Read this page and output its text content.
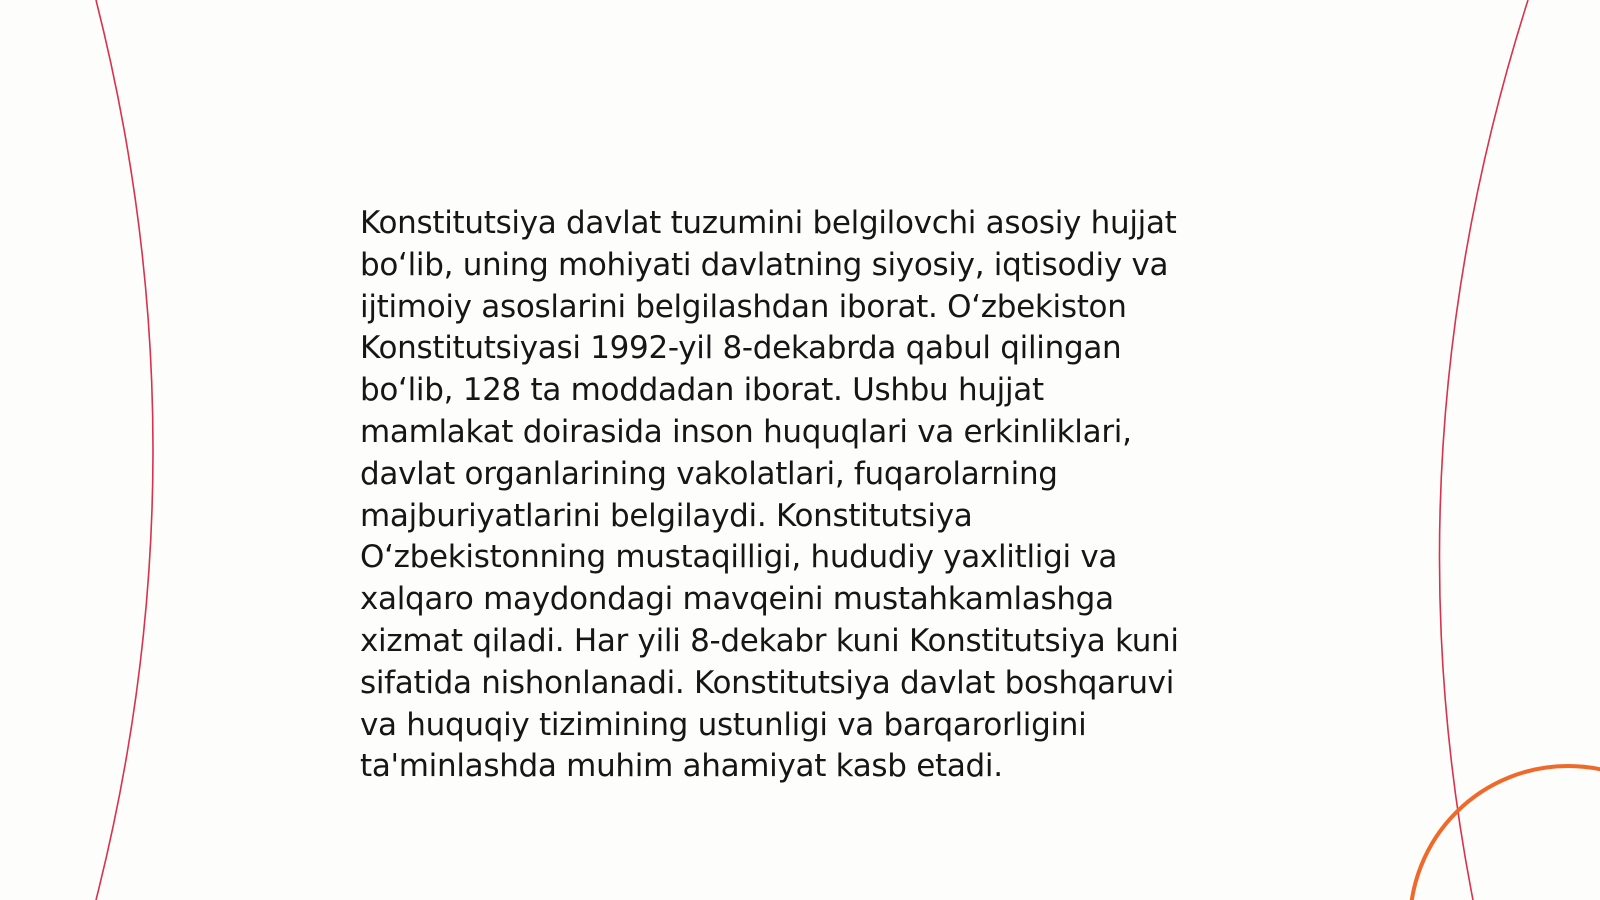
Konstitutsiya davlat tuzumini belgilovchi asosiy hujjat
bo‘lib, uning mohiyati davlatning siyosiy, iqtisodiy va
ijtimoiy asoslarini belgilashdan iborat. O‘zbekiston
Konstitutsiyasi 1992-yil 8-dekabrda qabul qilingan
bo‘lib, 128 ta moddadan iborat. Ushbu hujjat
mamlakat doirasida inson huquqlari va erkinliklari,
davlat organlarining vakolatlari, fuqarolarning
majburiyatlarini belgilaydi. Konstitutsiya
O‘zbekistonning mustaqilligi, hududiy yaxlitligi va
xalqaro maydondagi mavqeini mustahkamlashga
xizmat qiladi. Har yili 8-dekabr kuni Konstitutsiya kuni
sifatida nishonlanadi. Konstitutsiya davlat boshqaruvi
va huquqiy tizimining ustunligi va barqarorligini
ta'minlashda muhim ahamiyat kasb etadi.
